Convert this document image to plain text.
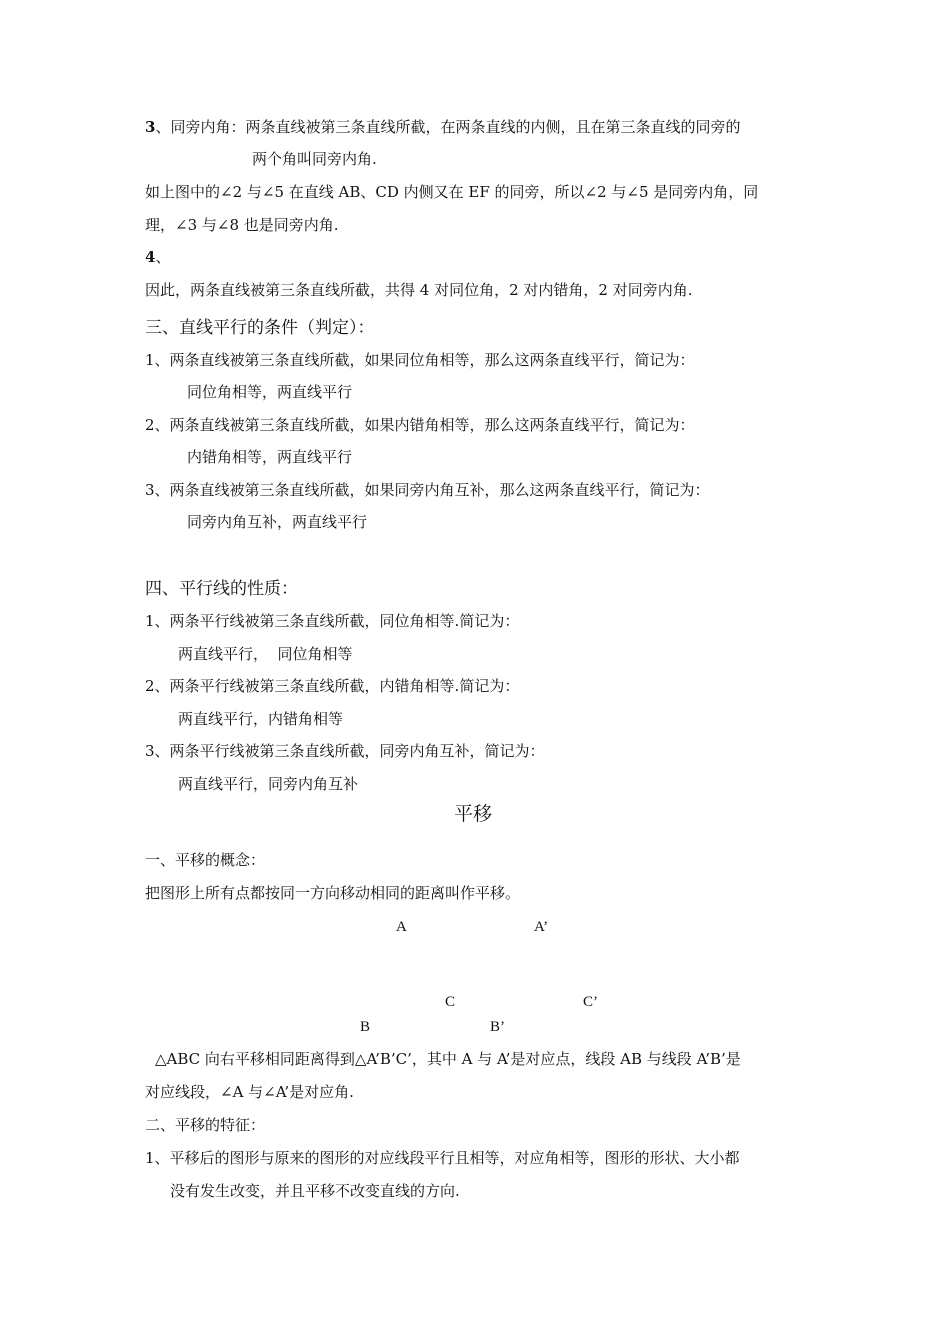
3、同旁内角：两条直线被第三条直线所截，在两条直线的内侧，且在第三条直线的同旁的
两个角叫同旁内角.
如上图中的∠2 与∠5 在直线 AB、CD 内侧又在 EF 的同旁，所以∠2 与∠5 是同旁内角，同
理，∠3 与∠8 也是同旁内角.
4、
因此，两条直线被第三条直线所截，共得 4 对同位角，2 对内错角，2 对同旁内角.
三、直线平行的条件（判定）：
1、两条直线被第三条直线所截，如果同位角相等，那么这两条直线平行，简记为：
同位角相等，两直线平行
2、两条直线被第三条直线所截，如果内错角相等，那么这两条直线平行，简记为：
内错角相等，两直线平行
3、两条直线被第三条直线所截，如果同旁内角互补，那么这两条直线平行，简记为：
同旁内角互补，两直线平行
四、平行线的性质：
1、两条平行线被第三条直线所截，同位角相等.简记为：
两直线平行，  同位角相等
2、两条平行线被第三条直线所截，内错角相等.简记为：
两直线平行，内错角相等
3、两条平行线被第三条直线所截，同旁内角互补，简记为：
两直线平行，同旁内角互补
平移
一、平移的概念：
把图形上所有点都按同一方向移动相同的距离叫作平移。
A	A’
C	C’
B	B’
△ABC 向右平移相同距离得到△A’B’C’，其中 A 与 A’是对应点，线段 AB 与线段 A’B’是
对应线段，∠A 与∠A’是对应角.
二、平移的特征：
1、平移后的图形与原来的图形的对应线段平行且相等，对应角相等，图形的形状、大小都
没有发生改变，并且平移不改变直线的方向.
